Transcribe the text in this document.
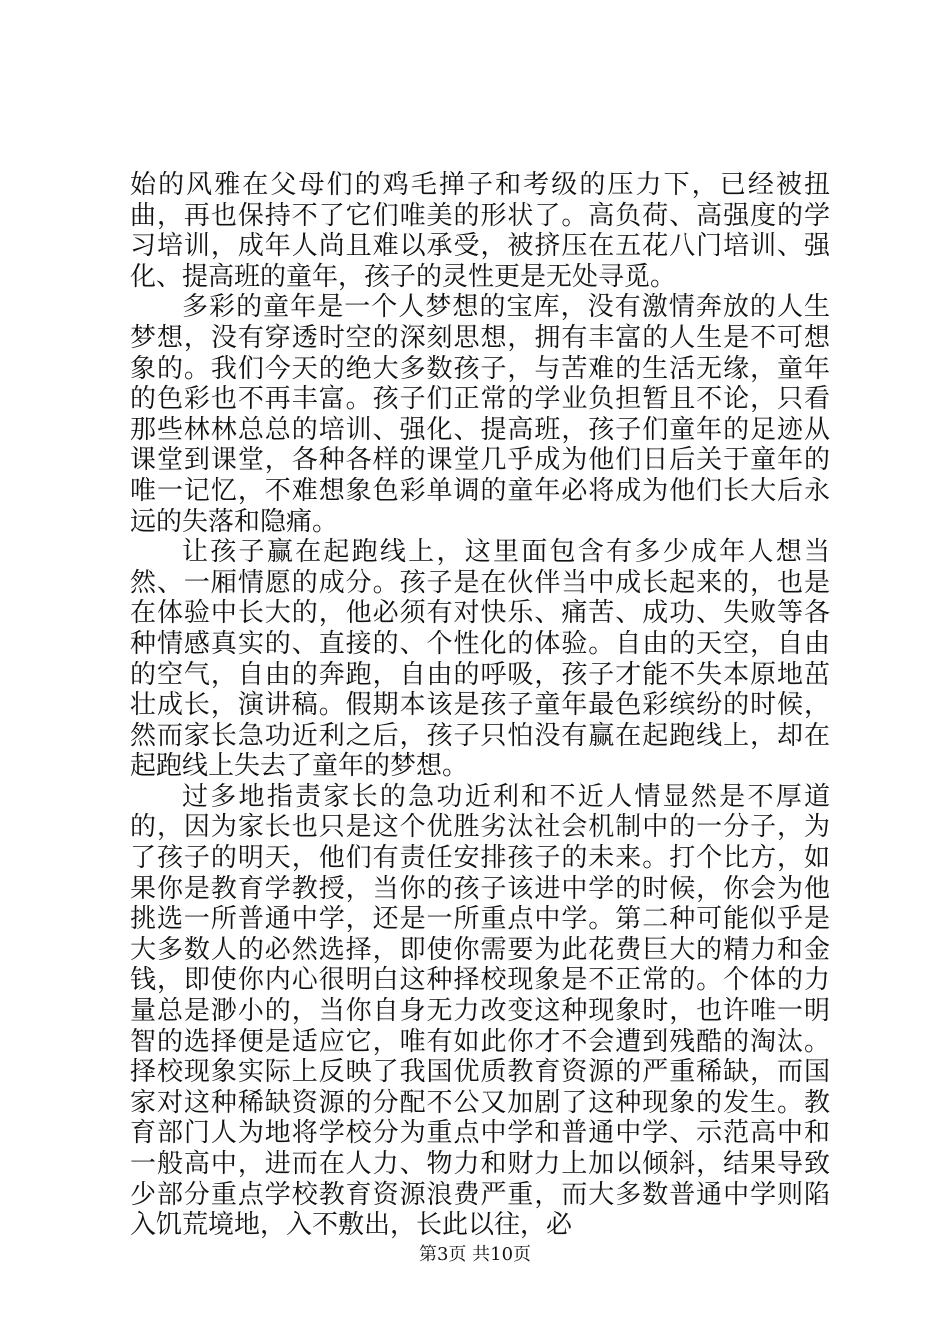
始的风雅在父母们的鸡毛掸子和考级的压力下，已经被扭曲，再也保持不了它们唯美的形状了。高负荷、高强度的学习培训，成年人尚且难以承受，被挤压在五花八门培训、强化、提高班的童年，孩子的灵性更是无处寻觅。

多彩的童年是一个人梦想的宝库，没有激情奔放的人生梦想，没有穿透时空的深刻思想，拥有丰富的人生是不可想象的。我们今天的绝大多数孩子，与苦难的生活无缘，童年的色彩也不再丰富。孩子们正常的学业负担暂且不论，只看那些林林总总的培训、强化、提高班，孩子们童年的足迹从课堂到课堂，各种各样的课堂几乎成为他们日后关于童年的唯一记忆，不难想象色彩单调的童年必将成为他们长大后永远的失落和隐痛。

让孩子赢在起跑线上，这里面包含有多少成年人想当然、一厢情愿的成分。孩子是在伙伴当中成长起来的，也是在体验中长大的，他必须有对快乐、痛苦、成功、失败等各种情感真实的、直接的、个性化的体验。自由的天空，自由的空气，自由的奔跑，自由的呼吸，孩子才能不失本原地茁壮成长，演讲稿。假期本该是孩子童年最色彩缤纷的时候，然而家长急功近利之后，孩子只怕没有赢在起跑线上，却在起跑线上失去了童年的梦想。

过多地指责家长的急功近利和不近人情显然是不厚道的，因为家长也只是这个优胜劣汰社会机制中的一分子，为了孩子的明天，他们有责任安排孩子的未来。打个比方，如果你是教育学教授，当你的孩子该进中学的时候，你会为他挑选一所普通中学，还是一所重点中学。第二种可能似乎是大多数人的必然选择，即使你需要为此花费巨大的精力和金钱，即使你内心很明白这种择校现象是不正常的。个体的力量总是渺小的，当你自身无力改变这种现象时，也许唯一明智的选择便是适应它，唯有如此你才不会遭到残酷的淘汰。择校现象实际上反映了我国优质教育资源的严重稀缺，而国家对这种稀缺资源的分配不公又加剧了这种现象的发生。教育部门人为地将学校分为重点中学和普通中学、示范高中和一般高中，进而在人力、物力和财力上加以倾斜，结果导致少部分重点学校教育资源浪费严重，而大多数普通中学则陷入饥荒境地，入不敷出，长此以往，必

第3页 共10页
